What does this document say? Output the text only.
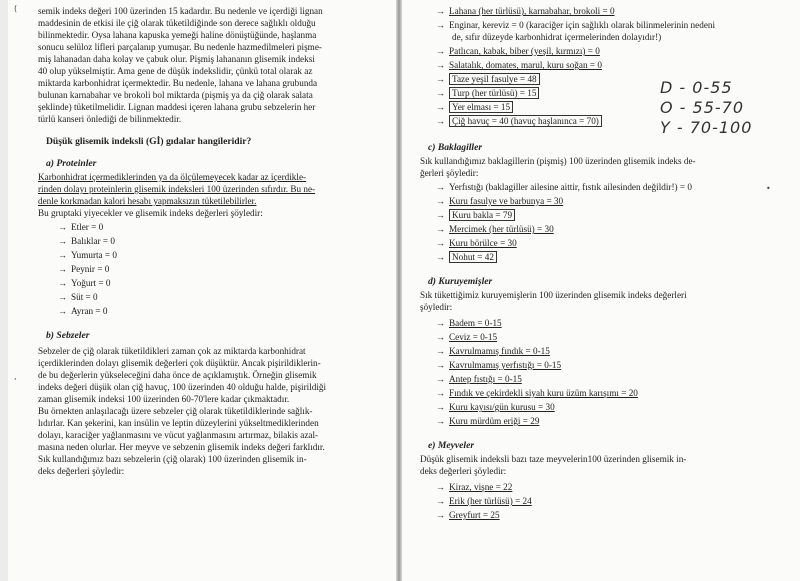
( semik indeks değeri 100 üzerinden 15 kadardır. Bu nedenle ve içerdiği lignan
maddesinin de etkisi ile çiğ olarak tüketildiğinde son derece sağlıklı olduğu
bilinmektedir. Oysa lahana kapuska yemeği haline dönüştüğünde, haşlanma
sonucu selüloz lifleri parçalanıp yumuşar. Bu nedenle hazmedilmeleri pişme-
miş lahanadan daha kolay ve çabuk olur. Pişmiş lahananın glisemik indeksi
40 olup yükselmiştir. Ama gene de düşük indekslidir, çünkü total olarak az
miktarda karbonhidrat içermektedir. Bu nedenle, lahana ve lahana grubunda
bulunan karnabahar ve brokoli bol miktarda (pişmiş ya da çiğ olarak salata
şeklinde) tüketilmelidir. Lignan maddesi içeren lahana grubu sebzelerin her
türlü kanseri önlediği de bilinmektedir.
Düşük glisemik indeksli (Gİ) gıdalar hangileridir?
a) Proteinler
Karbonhidrat içermediklerinden ya da ölçülemeyecek kadar az içerdikle-
rinden dolayı proteinlerin glisemik indeksleri 100 üzerinden sıfırdır. Bu ne-
denle korkmadan kalori hesabı yapmaksızın tüketilebilirler.
Bu gruptaki yiyecekler ve glisemik indeks değerleri şöyledir:
→ Etler = 0
→ Balıklar = 0
→ Yumurta = 0
→ Peynir = 0
→ Yoğurt = 0
→ Süt = 0
→ Ayran = 0
b) Sebzeler
Sebzeler de çiğ olarak tüketildikleri zaman çok az miktarda karbonhidrat
içerdiklerinden dolayı glisemik değerleri çok düşüktür. Ancak pişirildiklerin-
de bu değerlerin yükseleceğini daha önce de açıklamıştık. Örneğin glisemik
indeks değeri düşük olan çiğ havuç, 100 üzerinden 40 olduğu halde, pişirildiği
zaman glisemik indeksi 100 üzerinden 60-70'lere kadar çıkmaktadır.
Bu örnekten anlaşılacağı üzere sebzeler çiğ olarak tüketildiklerinde sağlık-
lıdırlar. Kan şekerini, kan insülin ve leptin düzeylerini yükseltmediklerinden
dolayı, karaciğer yağlanmasını ve vücut yağlanmasını artırmaz, bilakis azal-
masına neden olurlar. Her meyve ve sebzenin glisemik indeks değeri farklıdır.
Sık kullandığımız bazı sebzelerin (çiğ olarak) 100 üzerinden glisemik in-
deks değerleri şöyledir:
,
→ Lahana (her türlüsü), karnabahar, brokoli = 0
→ Enginar, kereviz = 0 (karaciğer için sağlıklı olarak bilinmelerinin nedeni
de, sıfır düzeyde karbonhidrat içermelerinden dolayıdır!)
→ Patlıcan, kabak, biber (yeşil, kırmızı) = 0
→ Salatalık, domates, marul, kuru soğan = 0
→ Taze yeşil fasulye = 48
→ Turp (her türlüsü) = 15
→ Yer elması = 15
→ Çiğ havuç = 40 (havuç haşlanınca = 70)
D - 0-55
O - 55-70
Y - 70-100
c) Baklagiller
Sık kullandığımız baklagillerin (pişmiş) 100 üzerinden glisemik indeks de-
ğerleri şöyledir:
→ Yerfıstığı (baklagiller ailesine aittir, fıstık ailesinden değildir!) = 0
→ Kuru fasulye ve barbunya = 30
→ Kuru bakla = 79
→ Mercimek (her türlüsü) = 30
→ Kuru börülce = 30
→ Nohut = 42
d) Kuruyemişler
Sık tükettiğimiz kuruyemişlerin 100 üzerinden glisemik indeks değerleri
şöyledir:
→ Badem = 0-15
→ Ceviz = 0-15
→ Kavrulmamış fındık = 0-15
→ Kavrulmamış yerfıstığı = 0-15
→ Antep fıstığı = 0-15
→ Fındık ve çekirdekli siyah kuru üzüm karışımı = 20
→ Kuru kayısı/gün kurusu = 30
→ Kuru mürdüm eriği = 29
e) Meyveler
Düşük glisemik indeksli bazı taze meyvelerin100 üzerinden glisemik in-
deks değerleri şöyledir:
→ Kiraz, vişne = 22
→ Erik (her türlüsü) = 24
→ Greyfurt = 25
•
